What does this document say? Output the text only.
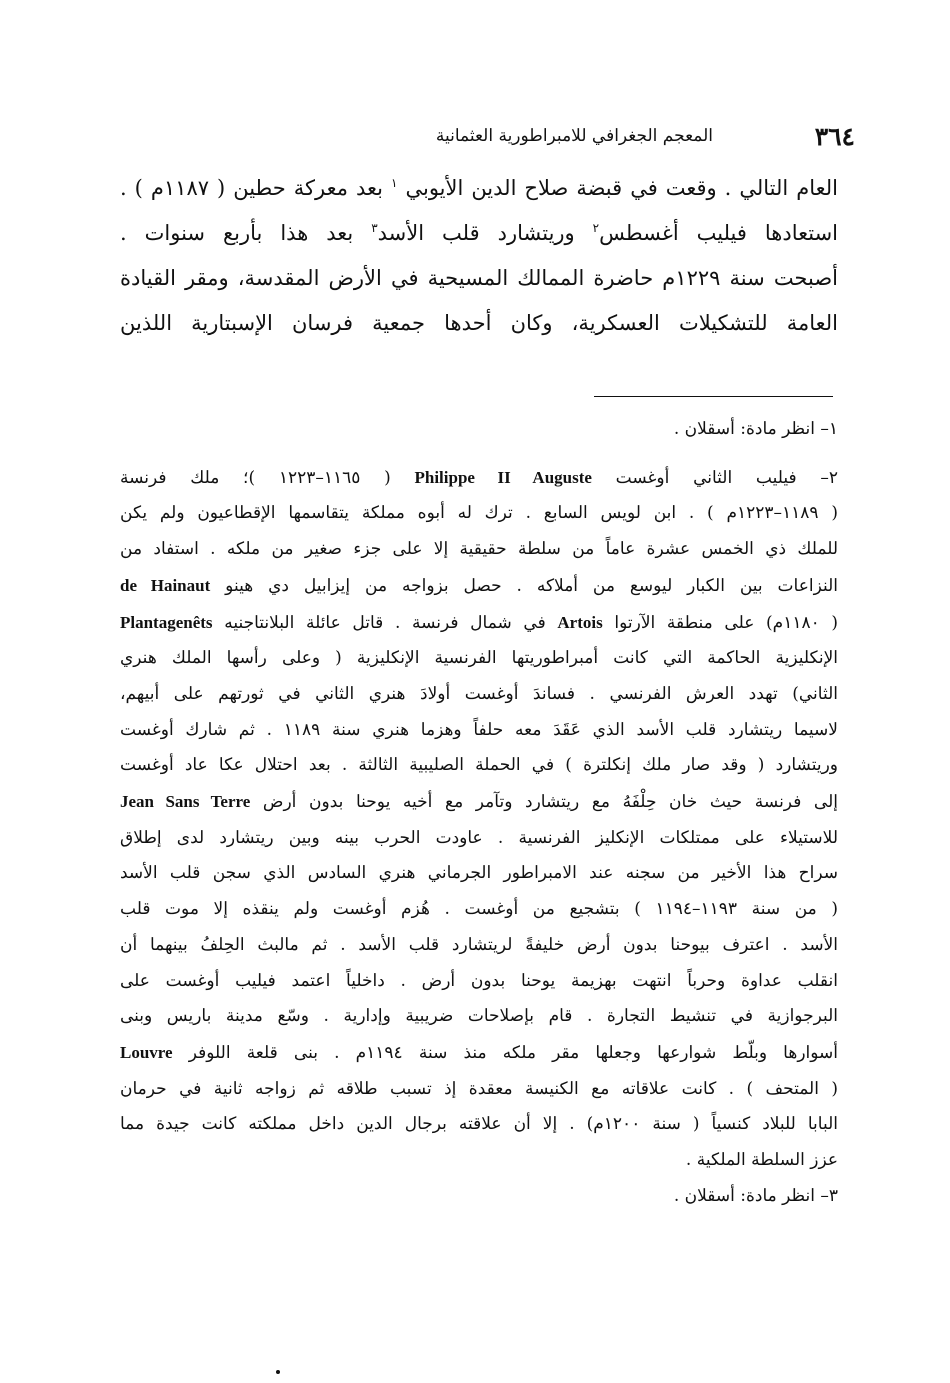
٣٦٤
المعجم الجغرافي للامبراطورية العثمانية
العام التالي . وقعت في قبضة صلاح الدين الأيوبي $^١$ بعد معركة حطين ( ١١٨٧م ) .
استعادها فيليب أغسطس$^٢$ وريتشارد قلب الأسد$^٣$ بعد هذا بأربع سنوات .
أصبحت سنة ١٢٢٩م حاضرة الممالك المسيحية في الأرض المقدسة، ومقر القيادة
العامة للتشكيلات العسكرية، وكان أحدها جمعية فرسان الإسبتارية اللذين
١– انظر مادة: أسقلان .
٢– فيليب الثاني أوغست Philippe II Auguste ( ١١٦٥–١٢٢٣ )؛ ملك فرنسة
( ١١٨٩–١٢٢٣م ) . ابن لويس السابع . ترك له أبوه مملكة يتقاسمها الإقطاعيون ولم يكن
للملك ذي الخمس عشرة عاماً من سلطة حقيقية إلا على جزء صغير من ملكه . استفاد من
النزاعات بين الكبار ليوسع من أملاكه . حصل بزواجه من إيزابيل دي هينو de Hainaut
( ١١٨٠م) على منطقة الآرتوا Artois في شمال فرنسة . قاتل عائلة البلانتاجنيه Plantagenêts
الإنكليزية الحاكمة التي كانت أمبراطوريتها الفرنسية الإنكليزية ( وعلى رأسها الملك هنري
الثاني) تهدد العرش الفرنسي . فساندَ أوغست أولادَ هنري الثاني في ثورتهم على أبيهم،
لاسيما ريتشارد قلب الأسد الذي عَقَدَ معه حلفاً وهزما هنري سنة ١١٨٩ . ثم شارك أوغست
وريتشارد ( وقد صار ملك إنكلترة ) في الحملة الصليبية الثالثة . بعد احتلال عكا عاد أوغست
إلى فرنسة حيث خان حِلْفَهُ مع ريتشارد وتآمر مع أخيه يوحنا بدون أرض Jean Sans Terre
للاستيلاء على ممتلكات الإنكليز الفرنسية . عاودت الحرب بينه وبين ريتشارد لدى إطلاق
سراح هذا الأخير من سجنه عند الامبراطور الجرماني هنري السادس الذي سجن قلب الأسد
( من سنة ١١٩٣–١١٩٤ ) بتشجيع من أوغست . هُزم أوغست ولم ينقذه إلا موت قلب
الأسد . اعترف بيوحنا بدون أرض خليفةً لريتشارد قلب الأسد . ثم مالبث الحِلفُ بينهما أن
انقلب عداوة وحرباً انتهت بهزيمة يوحنا بدون أرض . داخلياً اعتمد فيليب أوغست على
البرجوازية في تنشيط التجارة . قام بإصلاحات ضريبية وإدارية . وسّع مدينة باريس وبنى
أسوارها وبلّط شوارعها وجعلها مقر ملكه منذ سنة ١١٩٤م . بنى قلعة اللوفر Louvre
( المتحف ) . كانت علاقاته مع الكنيسة معقدة إذ تسبب طلاقه ثم زواجه ثانية في حرمان
البابا للبلاد كنسياً ( سنة ١٢٠٠م) . إلا أن علاقته برجال الدين داخل مملكته كانت جيدة مما
عزز السلطة الملكية .
٣– انظر مادة: أسقلان .
